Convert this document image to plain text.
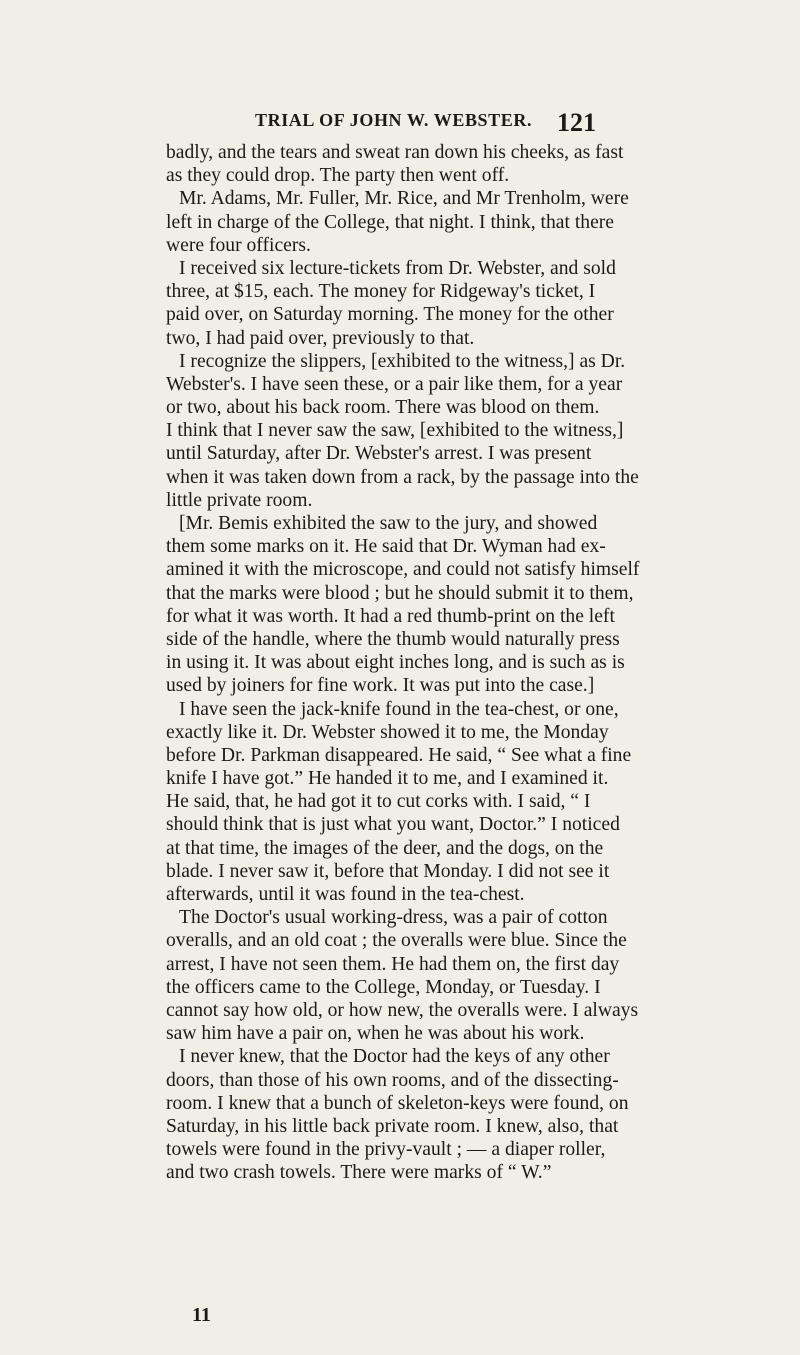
TRIAL OF JOHN W. WEBSTER. 121
badly, and the tears and sweat ran down his cheeks, as fast
as they could drop. The party then went off.
Mr. Adams, Mr. Fuller, Mr. Rice, and Mr Trenholm, were
left in charge of the College, that night. I think, that there
were four officers.
I received six lecture-tickets from Dr. Webster, and sold
three, at $15, each. The money for Ridgeway's ticket, I
paid over, on Saturday morning. The money for the other
two, I had paid over, previously to that.
I recognize the slippers, [exhibited to the witness,] as Dr.
Webster's. I have seen these, or a pair like them, for a year
or two, about his back room. There was blood on them.
I think that I never saw the saw, [exhibited to the witness,]
until Saturday, after Dr. Webster's arrest. I was present
when it was taken down from a rack, by the passage into the
little private room.
[Mr. Bemis exhibited the saw to the jury, and showed
them some marks on it. He said that Dr. Wyman had ex-
amined it with the microscope, and could not satisfy himself
that the marks were blood ; but he should submit it to them,
for what it was worth. It had a red thumb-print on the left
side of the handle, where the thumb would naturally press
in using it. It was about eight inches long, and is such as is
used by joiners for fine work. It was put into the case.]
I have seen the jack-knife found in the tea-chest, or one,
exactly like it. Dr. Webster showed it to me, the Monday
before Dr. Parkman disappeared. He said, “ See what a fine
knife I have got.” He handed it to me, and I examined it.
He said, that, he had got it to cut corks with. I said, “ I
should think that is just what you want, Doctor.” I noticed
at that time, the images of the deer, and the dogs, on the
blade. I never saw it, before that Monday. I did not see it
afterwards, until it was found in the tea-chest.
The Doctor's usual working-dress, was a pair of cotton
overalls, and an old coat ; the overalls were blue. Since the
arrest, I have not seen them. He had them on, the first day
the officers came to the College, Monday, or Tuesday. I
cannot say how old, or how new, the overalls were. I always
saw him have a pair on, when he was about his work.
I never knew, that the Doctor had the keys of any other
doors, than those of his own rooms, and of the dissecting-
room. I knew that a bunch of skeleton-keys were found, on
Saturday, in his little back private room. I knew, also, that
towels were found in the privy-vault ; — a diaper roller,
and two crash towels. There were marks of “ W.”
11
